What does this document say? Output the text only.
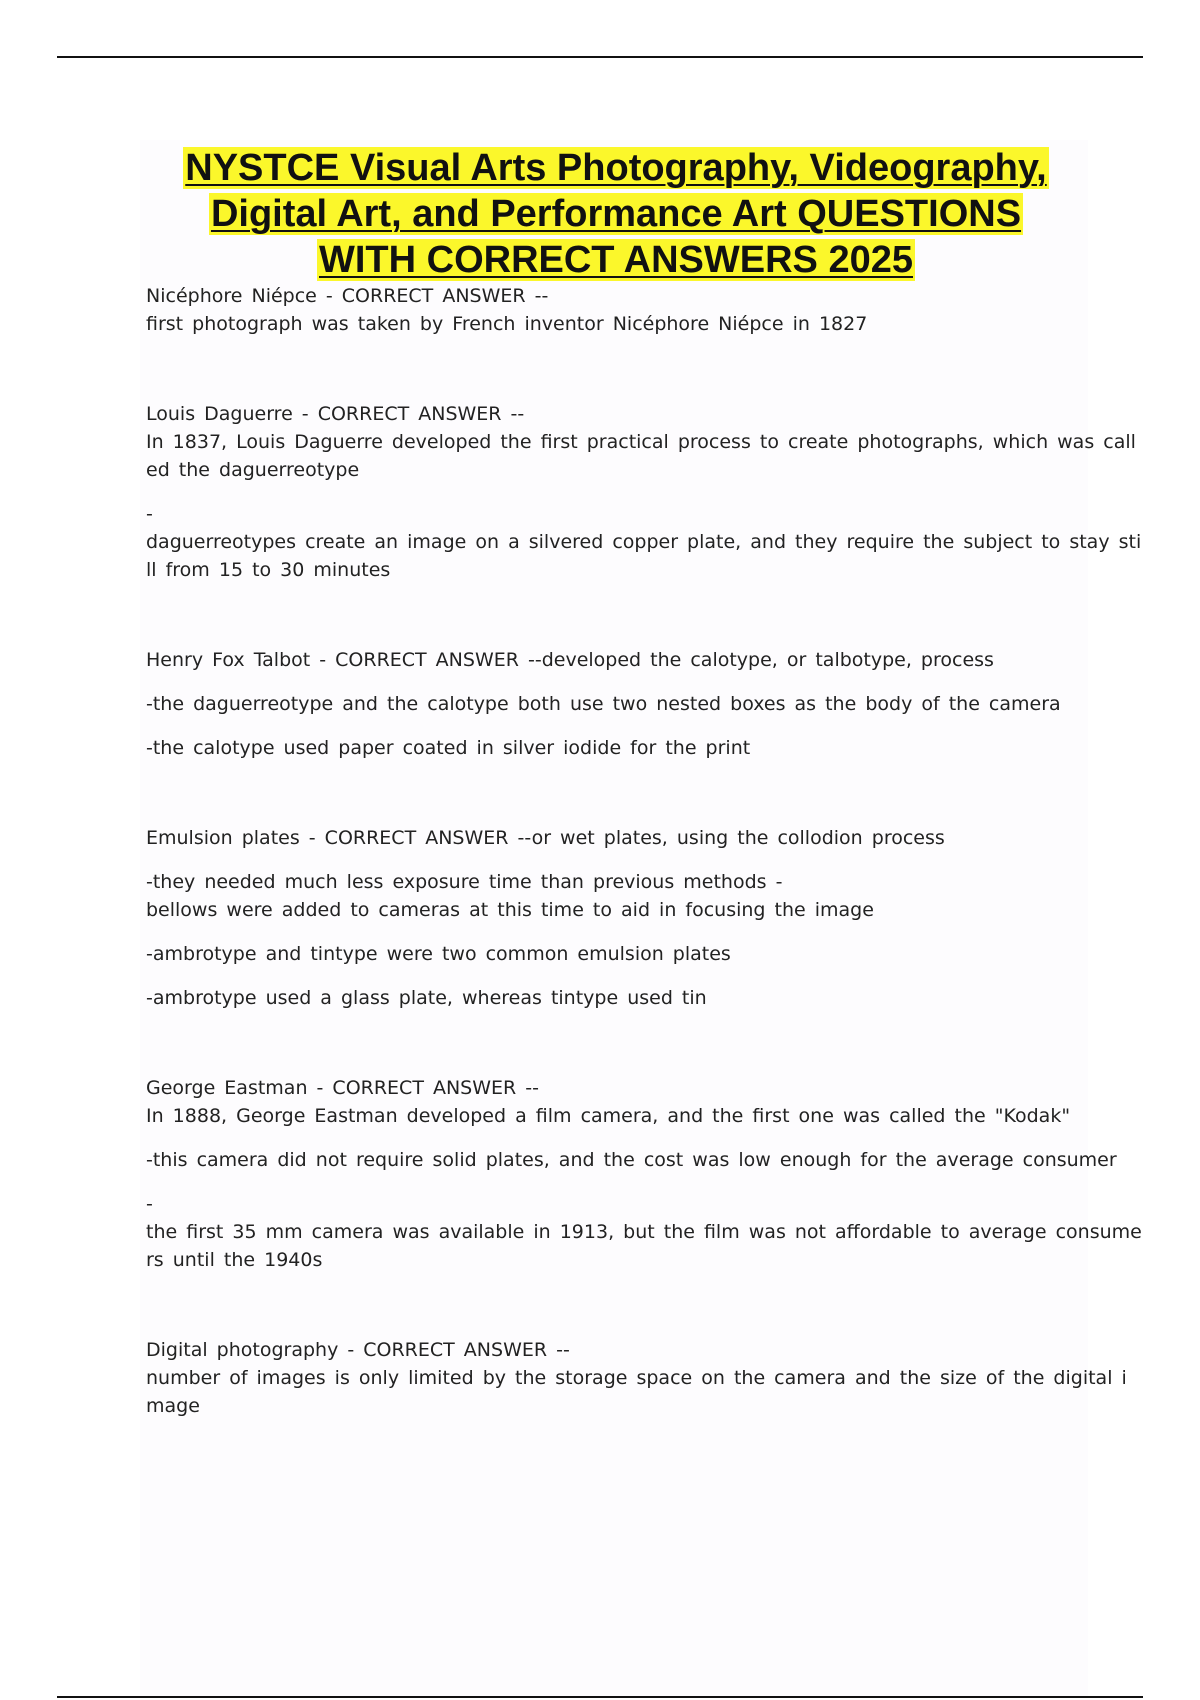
NYSTCE Visual Arts Photography, Videography,
Digital Art, and Performance Art QUESTIONS
WITH CORRECT ANSWERS 2025

Nicéphore Niépce - CORRECT ANSWER --

first photograph was taken by French inventor Nicéphore Niépce in 1827

Louis Daguerre - CORRECT ANSWER --

In 1837, Louis Daguerre developed the first practical process to create photographs, which was call

ed the daguerreotype

-

daguerreotypes create an image on a silvered copper plate, and they require the subject to stay sti

ll from 15 to 30 minutes

Henry Fox Talbot - CORRECT ANSWER --developed the calotype, or talbotype, process

-the daguerreotype and the calotype both use two nested boxes as the body of the camera

-the calotype used paper coated in silver iodide for the print

Emulsion plates - CORRECT ANSWER --or wet plates, using the collodion process

-they needed much less exposure time than previous methods -

bellows were added to cameras at this time to aid in focusing the image

-ambrotype and tintype were two common emulsion plates

-ambrotype used a glass plate, whereas tintype used tin

George Eastman - CORRECT ANSWER --

In 1888, George Eastman developed a film camera, and the first one was called the "Kodak"

-this camera did not require solid plates, and the cost was low enough for the average consumer

-

the first 35 mm camera was available in 1913, but the film was not affordable to average consume

rs until the 1940s

Digital photography - CORRECT ANSWER --

number of images is only limited by the storage space on the camera and the size of the digital i

mage
